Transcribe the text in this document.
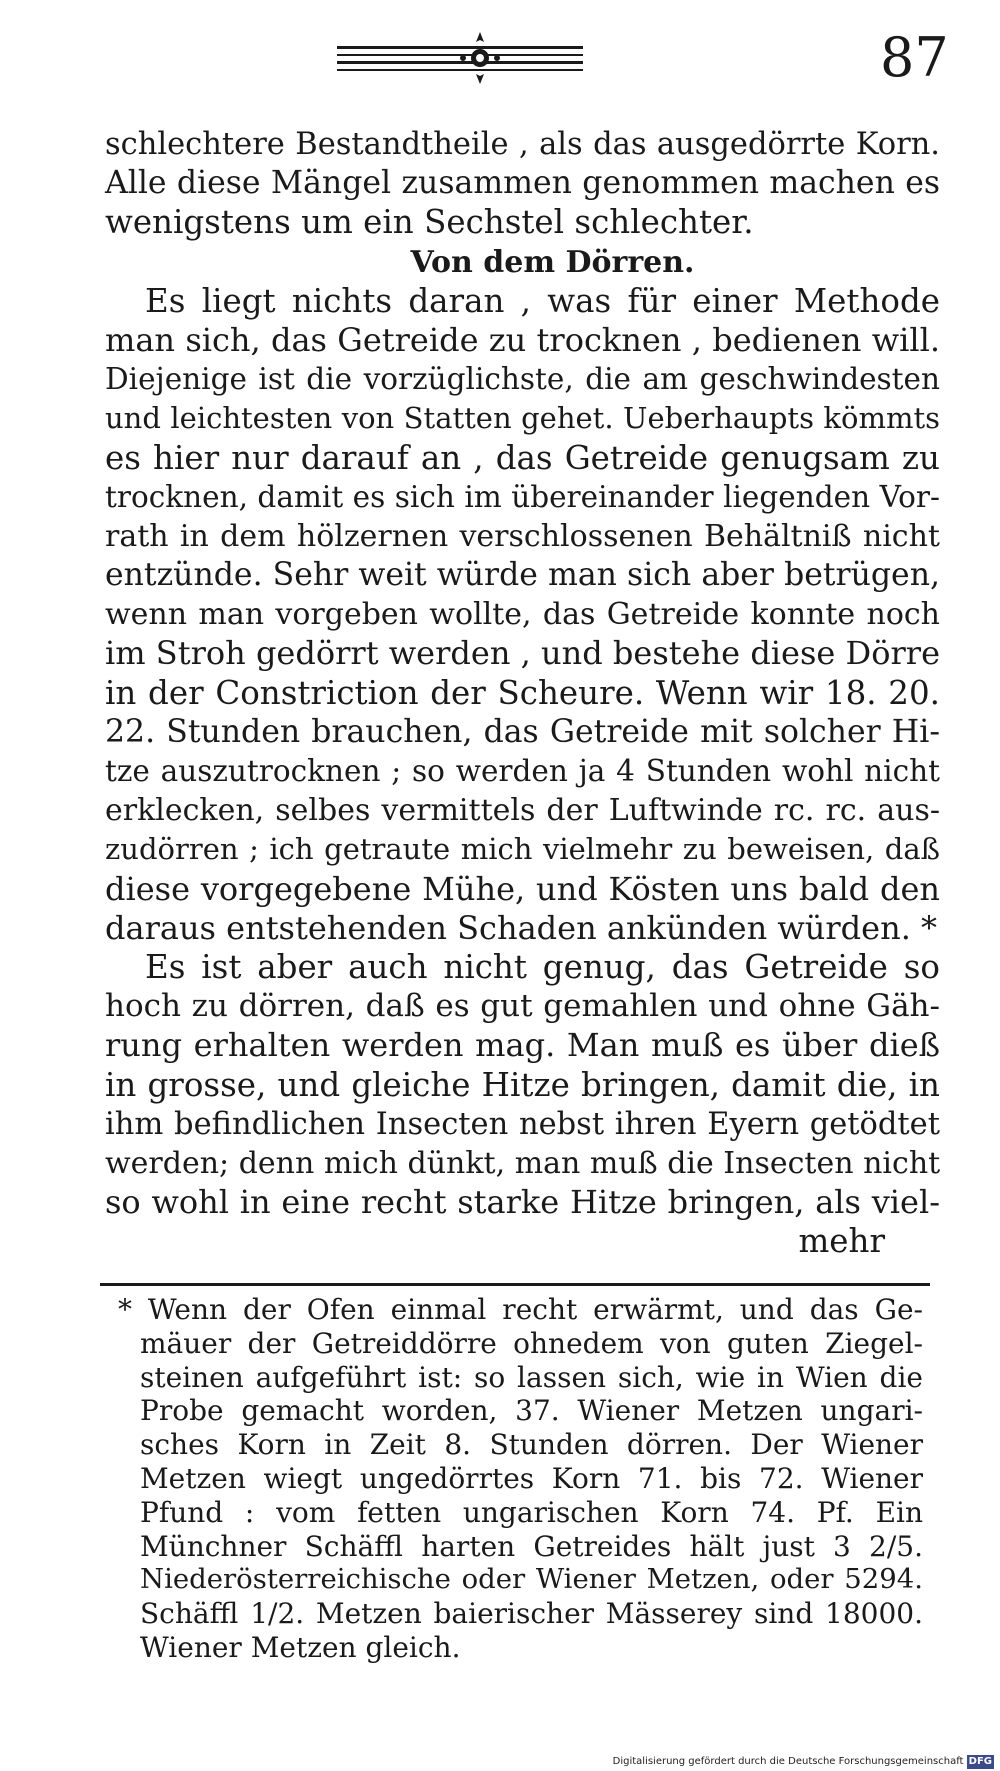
87
schlechtere Bestandtheile , als das ausgedörrte Korn.
Alle diese Mängel zusammen genommen machen es
wenigstens um ein Sechstel schlechter.
Von dem Dörren.
Es liegt nichts daran , was für einer Methode
man sich, das Getreide zu trocknen , bedienen will.
Diejenige ist die vorzüglichste, die am geschwindesten
und leichtesten von Statten gehet. Ueberhaupts kömmts
es hier nur darauf an , das Getreide genugsam zu
trocknen, damit es sich im übereinander liegenden Vor-
rath in dem hölzernen verschlossenen Behältniß nicht
entzünde. Sehr weit würde man sich aber betrügen,
wenn man vorgeben wollte, das Getreide konnte noch
im Stroh gedörrt werden , und bestehe diese Dörre
in der Constriction der Scheure. Wenn wir 18. 20.
22. Stunden brauchen, das Getreide mit solcher Hi-
tze auszutrocknen ; so werden ja 4 Stunden wohl nicht
erklecken, selbes vermittels der Luftwinde rc. rc. aus-
zudörren ; ich getraute mich vielmehr zu beweisen, daß
diese vorgegebene Mühe, und Kösten uns bald den
daraus entstehenden Schaden ankünden würden. *
Es ist aber auch nicht genug, das Getreide so
hoch zu dörren, daß es gut gemahlen und ohne Gäh-
rung erhalten werden mag. Man muß es über dieß
in grosse, und gleiche Hitze bringen, damit die, in
ihm befindlichen Insecten nebst ihren Eyern getödtet
werden; denn mich dünkt, man muß die Insecten nicht
so wohl in eine recht starke Hitze bringen, als viel-
mehr
* Wenn der Ofen einmal recht erwärmt, und das Ge-
mäuer der Getreiddörre ohnedem von guten Ziegel-
steinen aufgeführt ist: so lassen sich, wie in Wien die
Probe gemacht worden, 37. Wiener Metzen ungari-
sches Korn in Zeit 8. Stunden dörren. Der Wiener
Metzen wiegt ungedörrtes Korn 71. bis 72. Wiener
Pfund : vom fetten ungarischen Korn 74. Pf. Ein
Münchner Schäffl harten Getreides hält just 3 2/5.
Niederösterreichische oder Wiener Metzen, oder 5294.
Schäffl 1/2. Metzen baierischer Mässerey sind 18000.
Wiener Metzen gleich.
Digitalisierung gefördert durch die Deutsche Forschungsgemeinschaft DFG
